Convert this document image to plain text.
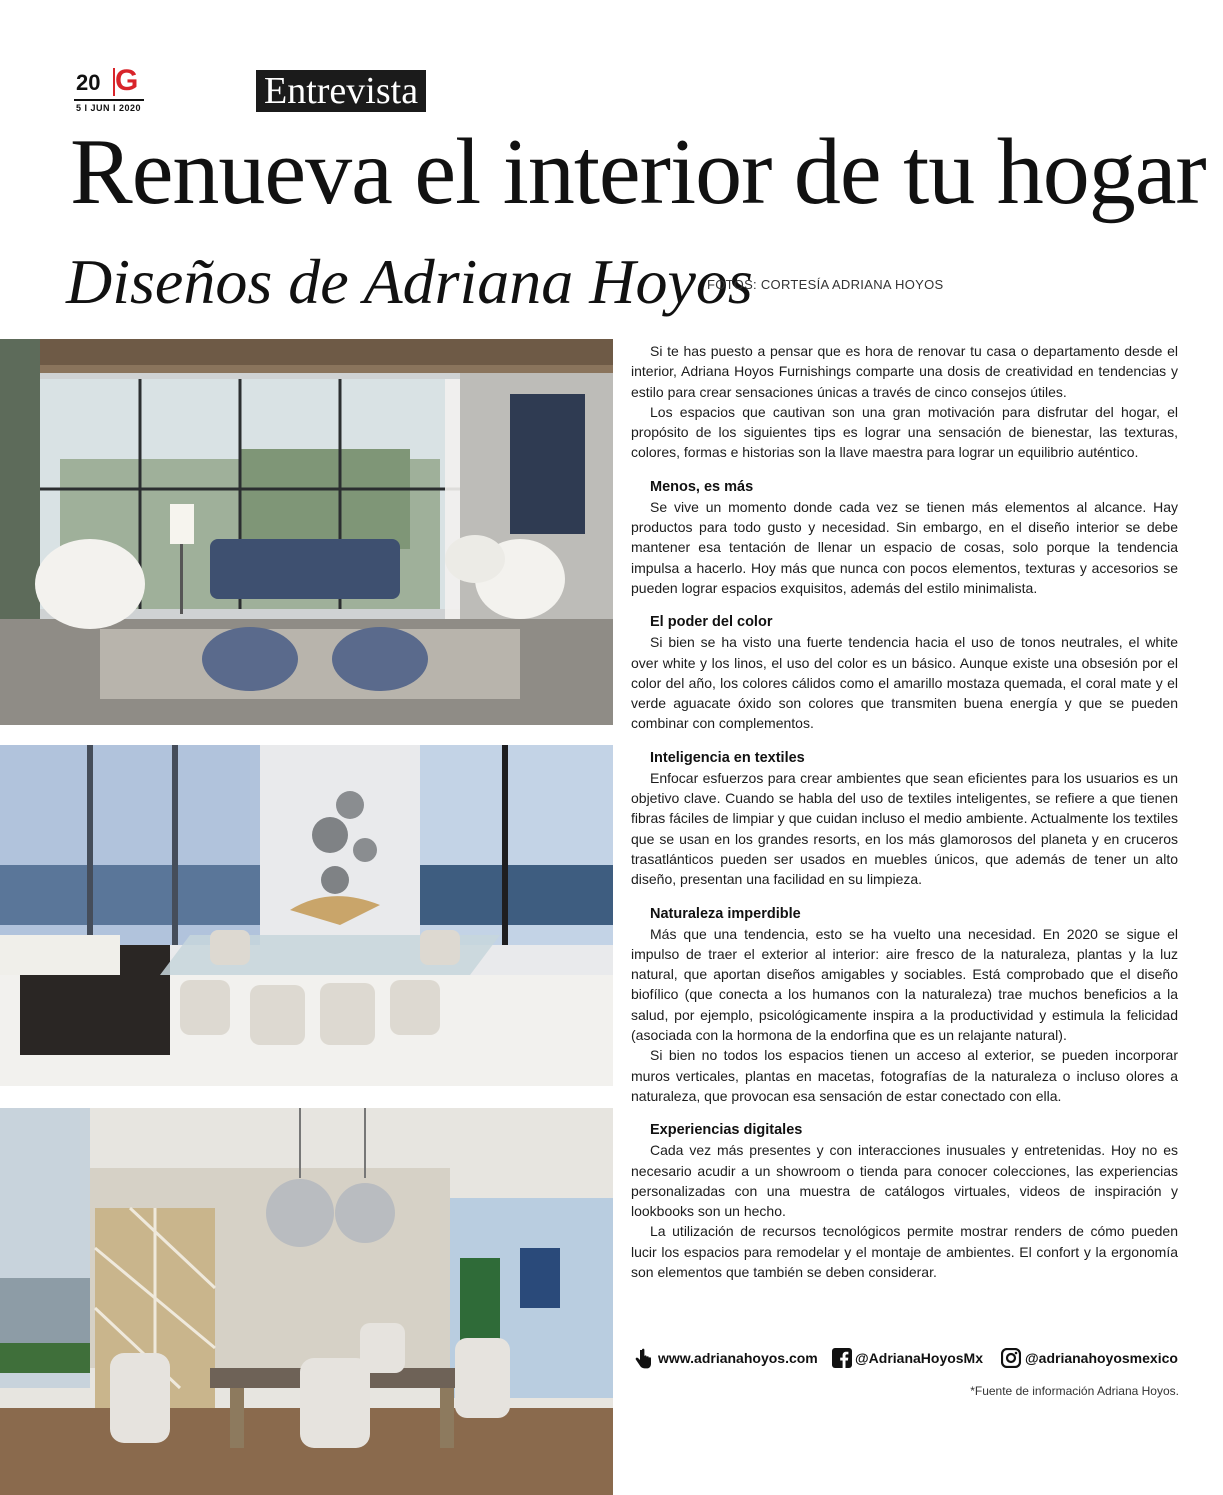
20 G
5 I JUN I 2020	Entrevista
Renueva el interior de tu hogar
Diseños de Adriana Hoyos
FOTOS: CORTESÍA ADRIANA HOYOS

Si te has puesto a pensar que es hora de renovar tu casa o departamento desde el interior, Adriana Hoyos Furnishings comparte una dosis de creatividad en tendencias y estilo para crear sensaciones únicas a través de cinco consejos útiles.

Los espacios que cautivan son una gran motivación para disfrutar del hogar, el propósito de los siguientes tips es lograr una sensación de bienestar, las texturas, colores, formas e historias son la llave maestra para lograr un equilibrio auténtico.

Menos, es más

Se vive un momento donde cada vez se tienen más elementos al alcance. Hay productos para todo gusto y necesidad. Sin embargo, en el diseño interior se debe mantener esa tentación de llenar un espacio de cosas, solo porque la tendencia impulsa a hacerlo. Hoy más que nunca con pocos elementos, texturas y accesorios se pueden lograr espacios exquisitos, además del estilo minimalista.

El poder del color

Si bien se ha visto una fuerte tendencia hacia el uso de tonos neutrales, el white over white y los linos, el uso del color es un básico. Aunque existe una obsesión por el color del año, los colores cálidos como el amarillo mostaza quemada, el coral mate y el verde aguacate óxido son colores que transmiten buena energía y que se pueden combinar con complementos.

Inteligencia en textiles

Enfocar esfuerzos para crear ambientes que sean eficientes para los usuarios es un objetivo clave. Cuando se habla del uso de textiles inteligentes, se refiere a que tienen fibras fáciles de limpiar y que cuidan incluso el medio ambiente. Actualmente los textiles que se usan en los grandes resorts, en los más glamorosos del planeta y en cruceros trasatlánticos pueden ser usados en muebles únicos, que además de tener un alto diseño, presentan una facilidad en su limpieza.

Naturaleza imperdible

Más que una tendencia, esto se ha vuelto una necesidad. En 2020 se sigue el impulso de traer el exterior al interior: aire fresco de la naturaleza, plantas y la luz natural, que aportan diseños amigables y sociables. Está comprobado que el diseño biofílico (que conecta a los humanos con la naturaleza) trae muchos beneficios a la salud, por ejemplo, psicológicamente inspira a la productividad y estimula la felicidad (asociada con la hormona de la endorfina que es un relajante natural).

Si bien no todos los espacios tienen un acceso al exterior, se pueden incorporar muros verticales, plantas en macetas, fotografías de la naturaleza o incluso olores a naturaleza, que provocan esa sensación de estar conectado con ella.

Experiencias digitales

Cada vez más presentes y con interacciones inusuales y entretenidas. Hoy no es necesario acudir a un showroom o tienda para conocer colecciones, las experiencias personalizadas con una muestra de catálogos virtuales, videos de inspiración y lookbooks son un hecho.

La utilización de recursos tecnológicos permite mostrar renders de cómo pueden lucir los espacios para remodelar y el montaje de ambientes. El confort y la ergonomía son elementos que también se deben considerar.

www.adrianahoyos.com	@AdrianaHoyosMx	@adrianahoyosmexico
*Fuente de información Adriana Hoyos.
